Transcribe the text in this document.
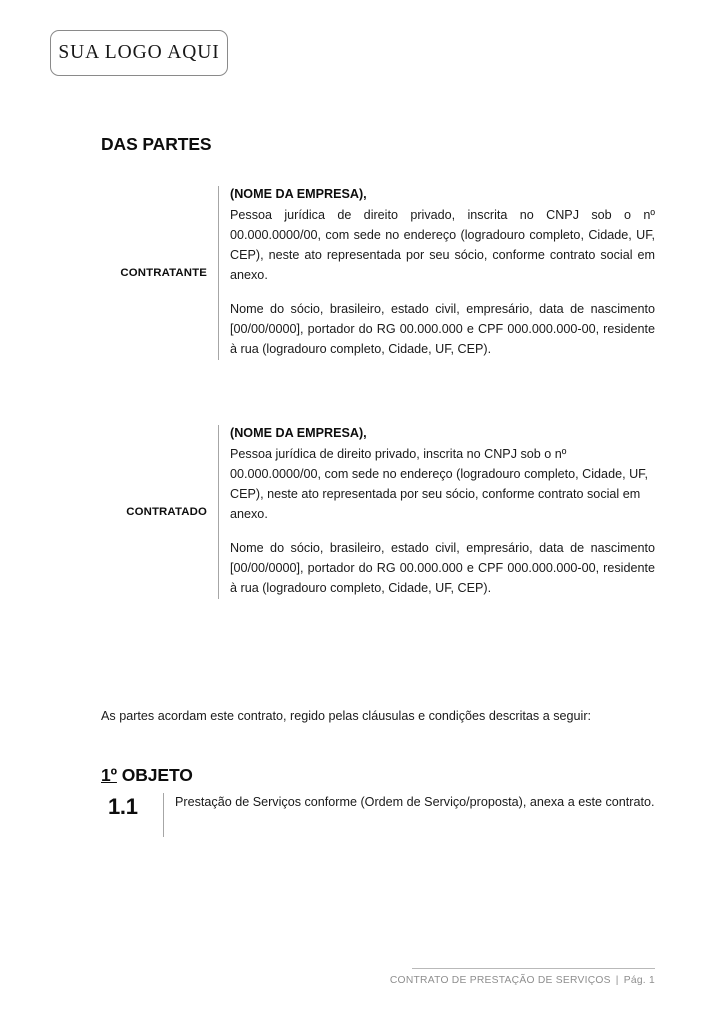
SUA LOGO AQUI
DAS PARTES
CONTRATANTE

(NOME DA EMPRESA),

Pessoa jurídica de direito privado, inscrita no CNPJ sob o nº 00.000.0000/00, com sede no endereço (logradouro completo, Cidade, UF, CEP), neste ato representada por seu sócio, conforme contrato social em anexo.

Nome do sócio, brasileiro, estado civil, empresário, data de nascimento [00/00/0000], portador do RG 00.000.000 e CPF 000.000.000-00, residente à rua (logradouro completo, Cidade, UF, CEP).

CONTRATADO

(NOME DA EMPRESA),

Pessoa jurídica de direito privado, inscrita no CNPJ sob o nº 00.000.0000/00, com sede no endereço (logradouro completo, Cidade, UF, CEP), neste ato representada por seu sócio, conforme contrato social em anexo.

Nome do sócio, brasileiro, estado civil, empresário, data de nascimento [00/00/0000], portador do RG 00.000.000 e CPF 000.000.000-00, residente à rua (logradouro completo, Cidade, UF, CEP).

As partes acordam este contrato, regido pelas cláusulas e condições descritas a seguir:

1º OBJETO
1.1	Prestação de Serviços conforme (Ordem de Serviço/proposta), anexa a este contrato.

CONTRATO DE PRESTAÇÃO DE SERVIÇOS | Pág. 1
